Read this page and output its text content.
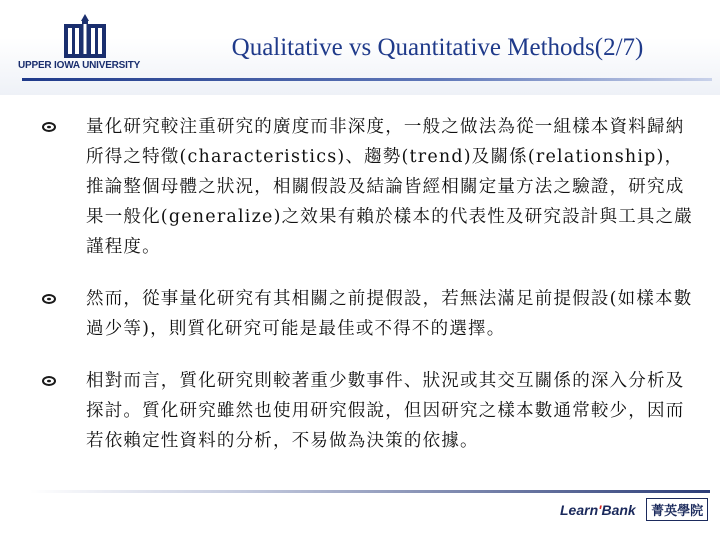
UPPER IOWA UNIVERSITY
Qualitative vs Quantitative Methods(2/7)
量化研究較注重研究的廣度而非深度，一般之做法為從一組樣本資料歸納所得之特徵(characteristics)、趨勢(trend)及關係(relationship)，推論整個母體之狀況，相關假設及結論皆經相關定量方法之驗證，研究成果一般化(generalize)之效果有賴於樣本的代表性及研究設計與工具之嚴謹程度。
然而，從事量化研究有其相關之前提假設，若無法滿足前提假設(如樣本數過少等)，則質化研究可能是最佳或不得不的選擇。
相對而言，質化研究則較著重少數事件、狀況或其交互關係的深入分析及探討。質化研究雖然也使用研究假說，但因研究之樣本數通常較少，因而若依賴定性資料的分析，不易做為決策的依據。
Learn'Bank 菁英學院
